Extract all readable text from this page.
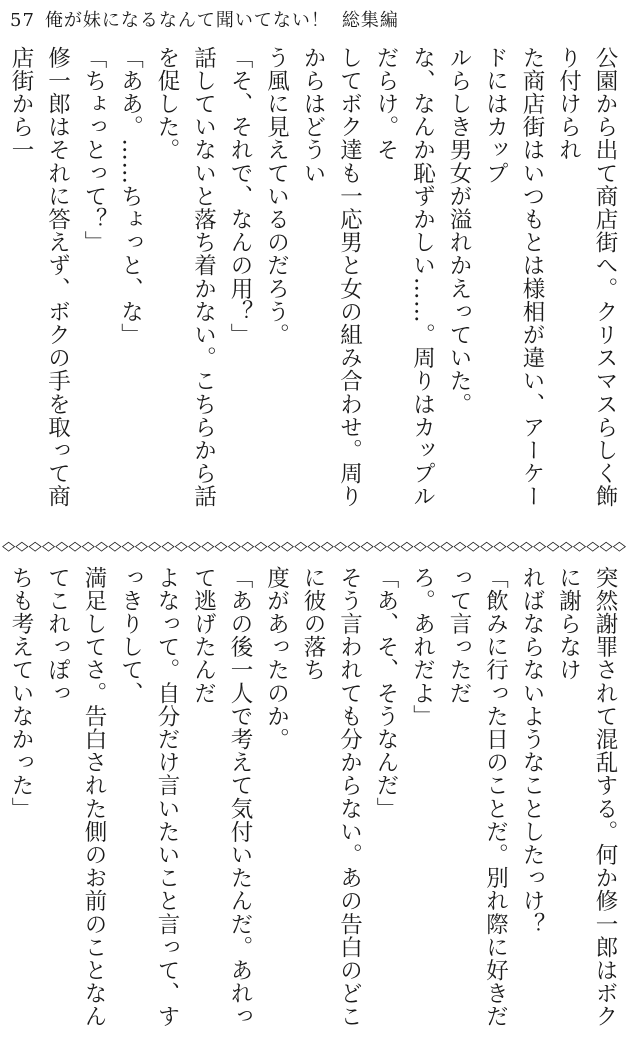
57 俺が妹になるなんて聞いてない！ 総集編

公園から出て商店街へ。クリスマスらしく飾り付けられ

た商店街はいつもとは様相が違い、アーケードにはカップ

ルらしき男女が溢れかえっていた。

な、なんか恥ずかしい……。周りはカップルだらけ。そ

してボク達も一応男と女の組み合わせ。周りからはどうい

う風に見えているのだろう。

「そ、それで、なんの用？」

話していないと落ち着かない。こちらから話を促した。

「ああ。……ちょっと、な」

「ちょっとって？」

修一郎はそれに答えず、ボクの手を取って商店街から一

◇◇◇◇◇◇◇◇◇◇◇◇◇◇◇◇◇◇◇◇◇◇◇◇◇◇◇◇◇◇◇◇◇◇◇◇◇◇◇◇◇◇◇◇◇◇◇

突然謝罪されて混乱する。何か修一郎はボクに謝らなけ

ればならないようなことしたっけ？

「飲みに行った日のことだ。別れ際に好きだって言っただ

ろ。あれだよ」

「あ、そ、そうなんだ」

そう言われても分からない。あの告白のどこに彼の落ち

度があったのか。

「あの後一人で考えて気付いたんだ。あれって逃げたんだ

よなって。自分だけ言いたいこと言って、すっきりして、

満足してさ。告白された側のお前のことなんてこれっぽっ

ちも考えていなかった」
